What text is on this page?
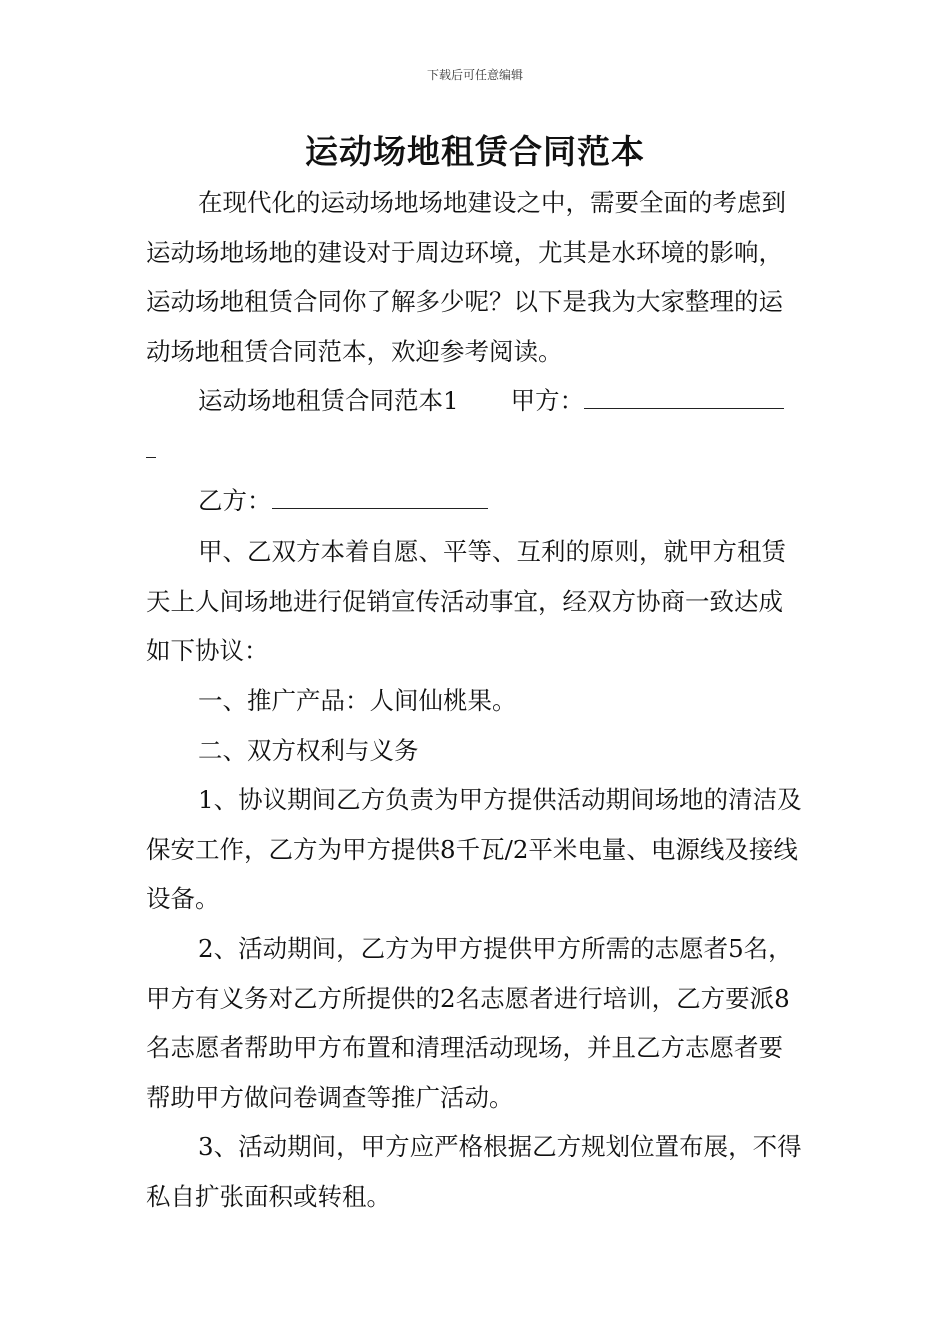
下载后可任意编辑
运动场地租赁合同范本

在现代化的运动场地场地建设之中，需要全面的考虑到运动场地场地的建设对于周边环境，尤其是水环境的影响，运动场地租赁合同你了解多少呢？以下是我为大家整理的运动场地租赁合同范本，欢迎参考阅读。

运动场地租赁合同范本1 甲方：

乙方：

甲、乙双方本着自愿、平等、互利的原则，就甲方租赁天上人间场地进行促销宣传活动事宜，经双方协商一致达成如下协议：

一、推广产品：人间仙桃果。

二、双方权利与义务

1、协议期间乙方负责为甲方提供活动期间场地的清洁及保安工作，乙方为甲方提供8千瓦/2平米电量、电源线及接线设备。

2、活动期间，乙方为甲方提供甲方所需的志愿者5名，甲方有义务对乙方所提供的2名志愿者进行培训，乙方要派8名志愿者帮助甲方布置和清理活动现场，并且乙方志愿者要帮助甲方做问卷调查等推广活动。

3、活动期间，甲方应严格根据乙方规划位置布展，不得私自扩张面积或转租。
